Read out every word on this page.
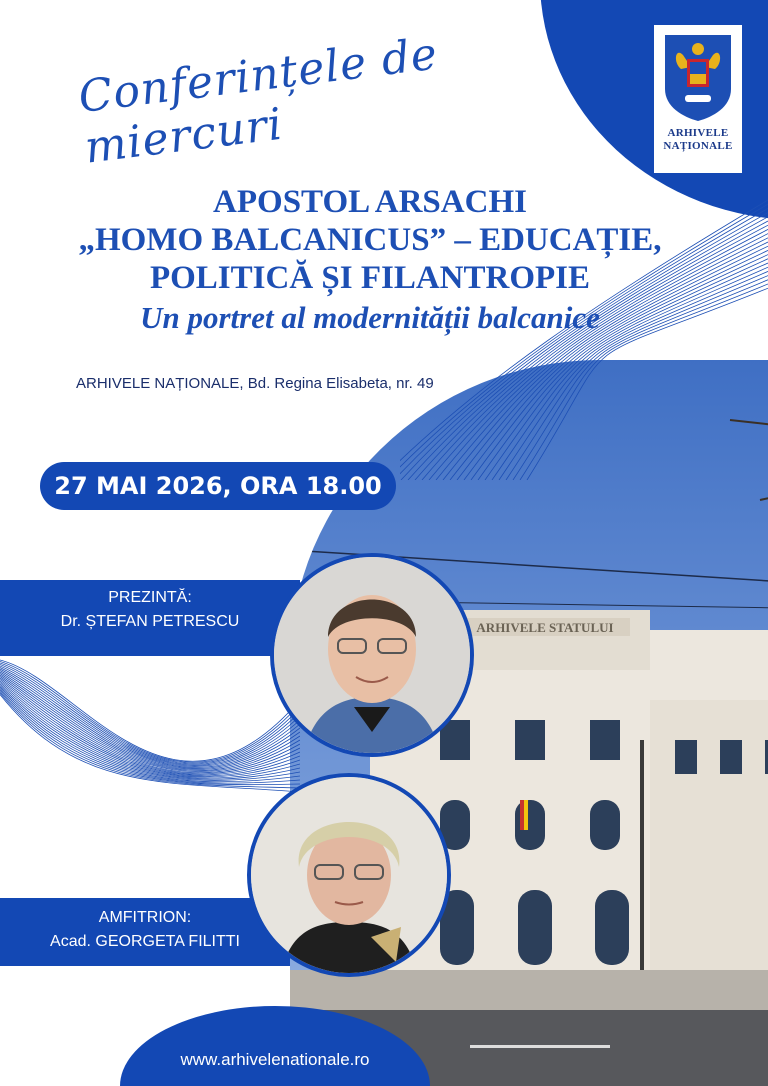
ARHIVELE STATULUI
ARHIVELE
NAȚIONALE
Conferințele de miercuri
APOSTOL ARSACHI
„HOMO BALCANICUS” – EDUCAȚIE,
POLITICĂ ȘI FILANTROPIE
Un portret al modernității balcanice
ARHIVELE NAȚIONALE, Bd. Regina Elisabeta, nr. 49
27 MAI 2026, ORA 18.00
PREZINTĂ:
Dr. ȘTEFAN PETRESCU
AMFITRION:
Acad. GEORGETA FILITTI
www.arhivelenationale.ro
